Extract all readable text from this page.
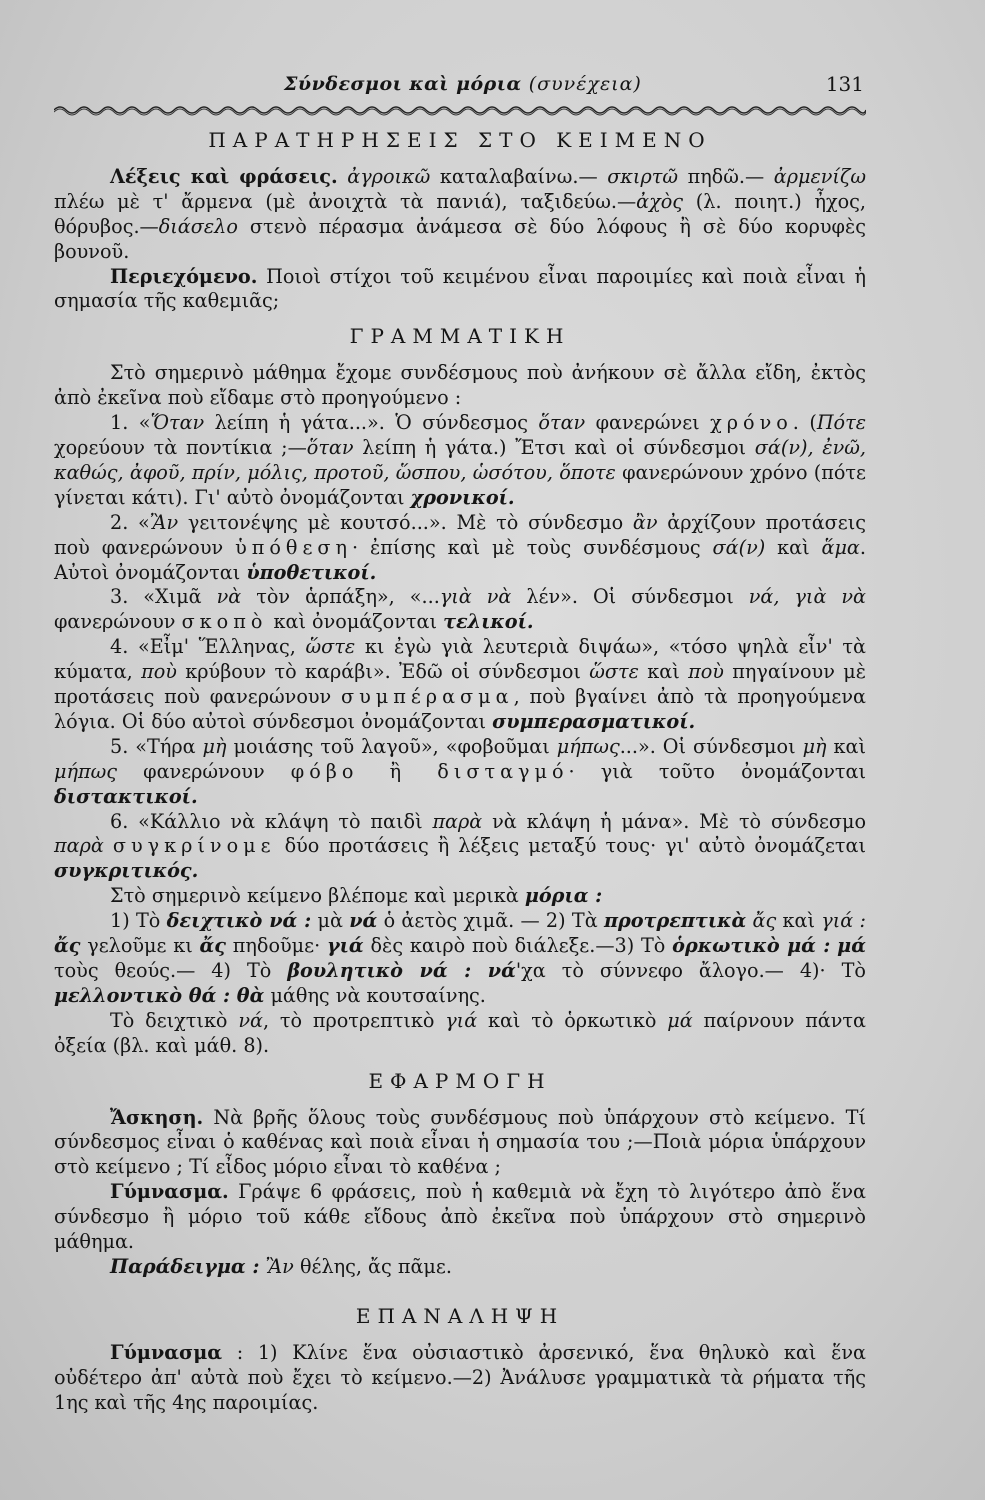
Σύνδεσμοι καὶ μόρια (συνέχεια)	131
ΠΑΡΑΤΗΡΗΣΕΙΣ ΣΤΟ ΚΕΙΜΕΝΟ

Λέξεις καὶ φράσεις. ἀγροικῶ καταλαβαίνω.— σκιρτῶ πηδῶ.— ἀρμενίζω πλέω μὲ τ' ἄρμενα (μὲ ἀνοιχτὰ τὰ πανιά), ταξιδεύω.—ἀχὸς (λ. ποιητ.) ἦχος, θόρυβος.—διάσελο στενὸ πέρασμα ἀνάμεσα σὲ δύο λόφους ἢ σὲ δύο κορυφὲς βουνοῦ.

Περιεχόμενο. Ποιοὶ στίχοι τοῦ κειμένου εἶναι παροιμίες καὶ ποιὰ εἶναι ἡ σημασία τῆς καθεμιᾶς;

ΓΡΑΜΜΑΤΙΚΗ

Στὸ σημερινὸ μάθημα ἔχομε συνδέσμους ποὺ ἀνήκουν σὲ ἄλλα εἴδη, ἐκτὸς ἀπὸ ἐκεῖνα ποὺ εἴδαμε στὸ προηγούμενο :

1. «Ὅταν λείπη ἡ γάτα...». Ὁ σύνδεσμος ὅταν φανερώνει χρόνο. (Πότε χορεύουν τὰ ποντίκια ;—ὅταν λείπη ἡ γάτα.) Ἔτσι καὶ οἱ σύνδεσμοι σά(ν), ἐνῶ, καθώς, ἀφοῦ, πρίν, μόλις, προτοῦ, ὥσπου, ὡσότου, ὅποτε φανερώνουν χρόνο (πότε γίνεται κάτι). Γι' αὐτὸ ὀνομάζονται χρονικοί.

2. «Ἂν γειτονέψης μὲ κουτσό...». Μὲ τὸ σύνδεσμο ἂν ἀρχίζουν προτάσεις ποὺ φανερώνουν ὑπόθεση· ἐπίσης καὶ μὲ τοὺς συνδέσμους σά(ν) καὶ ἅμα. Αὐτοὶ ὀνομάζονται ὑποθετικοί.

3. «Χιμᾶ νὰ τὸν ἁρπάξη», «...γιὰ νὰ λέν». Οἱ σύνδεσμοι νά, γιὰ νὰ φανερώνουν σκοπὸ καὶ ὀνομάζονται τελικοί.

4. «Εἶμ' Ἕλληνας, ὥστε κι ἐγὼ γιὰ λευτεριὰ διψάω», «τόσο ψηλὰ εἶν' τὰ κύματα, ποὺ κρύβουν τὸ καράβι». Ἐδῶ οἱ σύνδεσμοι ὥστε καὶ ποὺ πηγαίνουν μὲ προτάσεις ποὺ φανερώνουν συμπέρασμα, ποὺ βγαίνει ἀπὸ τὰ προηγούμενα λόγια. Οἱ δύο αὐτοὶ σύνδεσμοι ὀνομάζονται συμπερασματικοί.

5. «Τήρα μὴ μοιάσης τοῦ λαγοῦ», «φοβοῦμαι μήπως...». Οἱ σύνδεσμοι μὴ καὶ μήπως φανερώνουν φόβο ἢ δισταγμό· γιὰ τοῦτο ὀνομάζονται διστακτικοί.

6. «Κάλλιο νὰ κλάψη τὸ παιδὶ παρὰ νὰ κλάψη ἡ μάνα». Μὲ τὸ σύνδεσμο παρὰ συγκρίνομε δύο προτάσεις ἢ λέξεις μεταξύ τους· γι' αὐτὸ ὀνομάζεται συγκριτικός.

Στὸ σημερινὸ κείμενο βλέπομε καὶ μερικὰ μόρια :

1) Τὸ δειχτικὸ νά : μὰ νά ὁ ἀετὸς χιμᾶ. — 2) Τὰ προτρεπτικὰ ἄς καὶ γιά : ἄς γελοῦμε κι ἄς πηδοῦμε· γιά δὲς καιρὸ ποὺ διάλεξε.—3) Τὸ ὁρκωτικὸ μά : μά τοὺς θεούς.— 4) Τὸ βουλητικὸ νά : νά'χα τὸ σύννεφο ἄλογο.— 4)· Τὸ μελλοντικὸ θά : θὰ μάθης νὰ κουτσαίνης.

Τὸ δειχτικὸ νά, τὸ προτρεπτικὸ γιά καὶ τὸ ὁρκωτικὸ μά παίρνουν πάντα ὀξεία (βλ. καὶ μάθ. 8).

ΕΦΑΡΜΟΓΗ

Ἄσκηση. Νὰ βρῆς ὅλους τοὺς συνδέσμους ποὺ ὑπάρχουν στὸ κείμενο. Τί σύνδεσμος εἶναι ὁ καθένας καὶ ποιὰ εἶναι ἡ σημασία του ;—Ποιὰ μόρια ὑπάρχουν στὸ κείμενο ; Τί εἶδος μόριο εἶναι τὸ καθένα ;

Γύμνασμα. Γράψε 6 φράσεις, ποὺ ἡ καθεμιὰ νὰ ἔχη τὸ λιγότερο ἀπὸ ἕνα σύνδεσμο ἢ μόριο τοῦ κάθε εἴδους ἀπὸ ἐκεῖνα ποὺ ὑπάρχουν στὸ σημερινὸ μάθημα.

Παράδειγμα : Ἂν θέλης, ἄς πᾶμε.

ΕΠΑΝΑΛΗΨΗ

Γύμνασμα : 1) Κλίνε ἕνα οὐσιαστικὸ ἀρσενικό, ἕνα θηλυκὸ καὶ ἕνα οὐδέτερο ἀπ' αὐτὰ ποὺ ἔχει τὸ κείμενο.—2) Ἀνάλυσε γραμματικὰ τὰ ρήματα τῆς 1ης καὶ τῆς 4ης παροιμίας.
